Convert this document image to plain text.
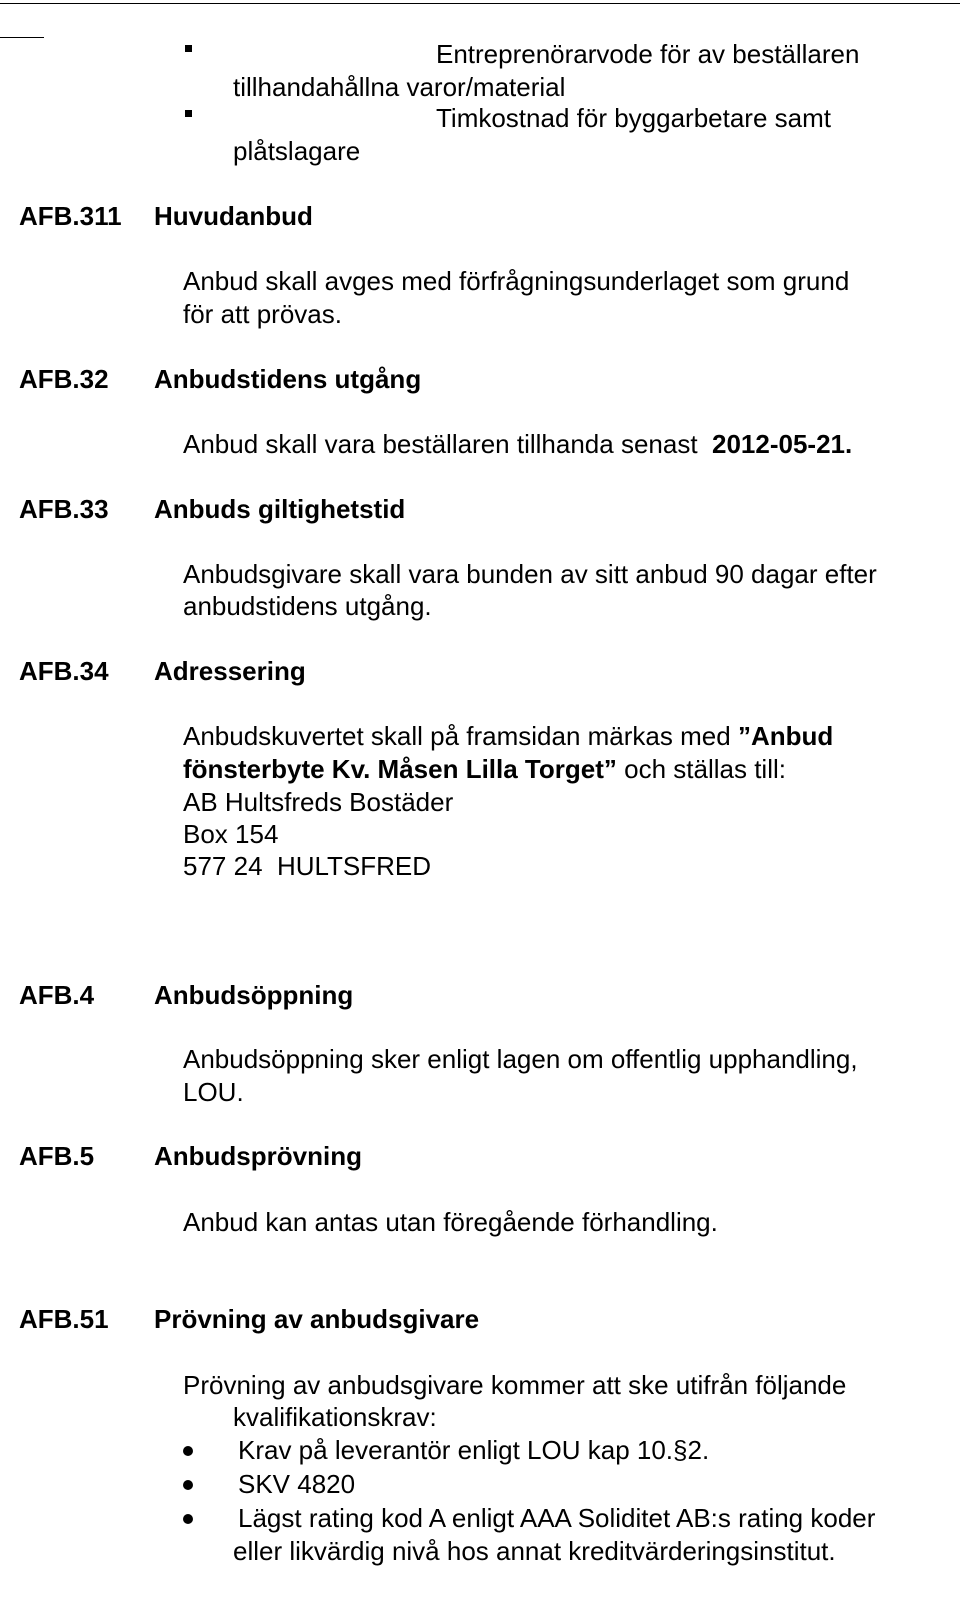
Entreprenörarvode för av beställaren
tillhandahållna varor/material
Timkostnad för byggarbetare samt
plåtslagare
AFB.311 Huvudanbud
Anbud skall avges med förfrågningsunderlaget som grund
för att prövas.
AFB.32 Anbudstidens utgång
Anbud skall vara beställaren tillhanda senast 2012-05-21.
AFB.33 Anbuds giltighetstid
Anbudsgivare skall vara bunden av sitt anbud 90 dagar efter
anbudstidens utgång.
AFB.34 Adressering
Anbudskuvertet skall på framsidan märkas med ”Anbud
fönsterbyte Kv. Måsen Lilla Torget” och ställas till:
AB Hultsfreds Bostäder
Box 154
577 24  HULTSFRED
AFB.4 Anbudsöppning
Anbudsöppning sker enligt lagen om offentlig upphandling,
LOU.
AFB.5 Anbudsprövning
Anbud kan antas utan föregående förhandling.
AFB.51 Prövning av anbudsgivare
Prövning av anbudsgivare kommer att ske utifrån följande
kvalifikationskrav:
Krav på leverantör enligt LOU kap 10.§2.
SKV 4820
Lägst rating kod A enligt AAA Soliditet AB:s rating koder
eller likvärdig nivå hos annat kreditvärderingsinstitut.
